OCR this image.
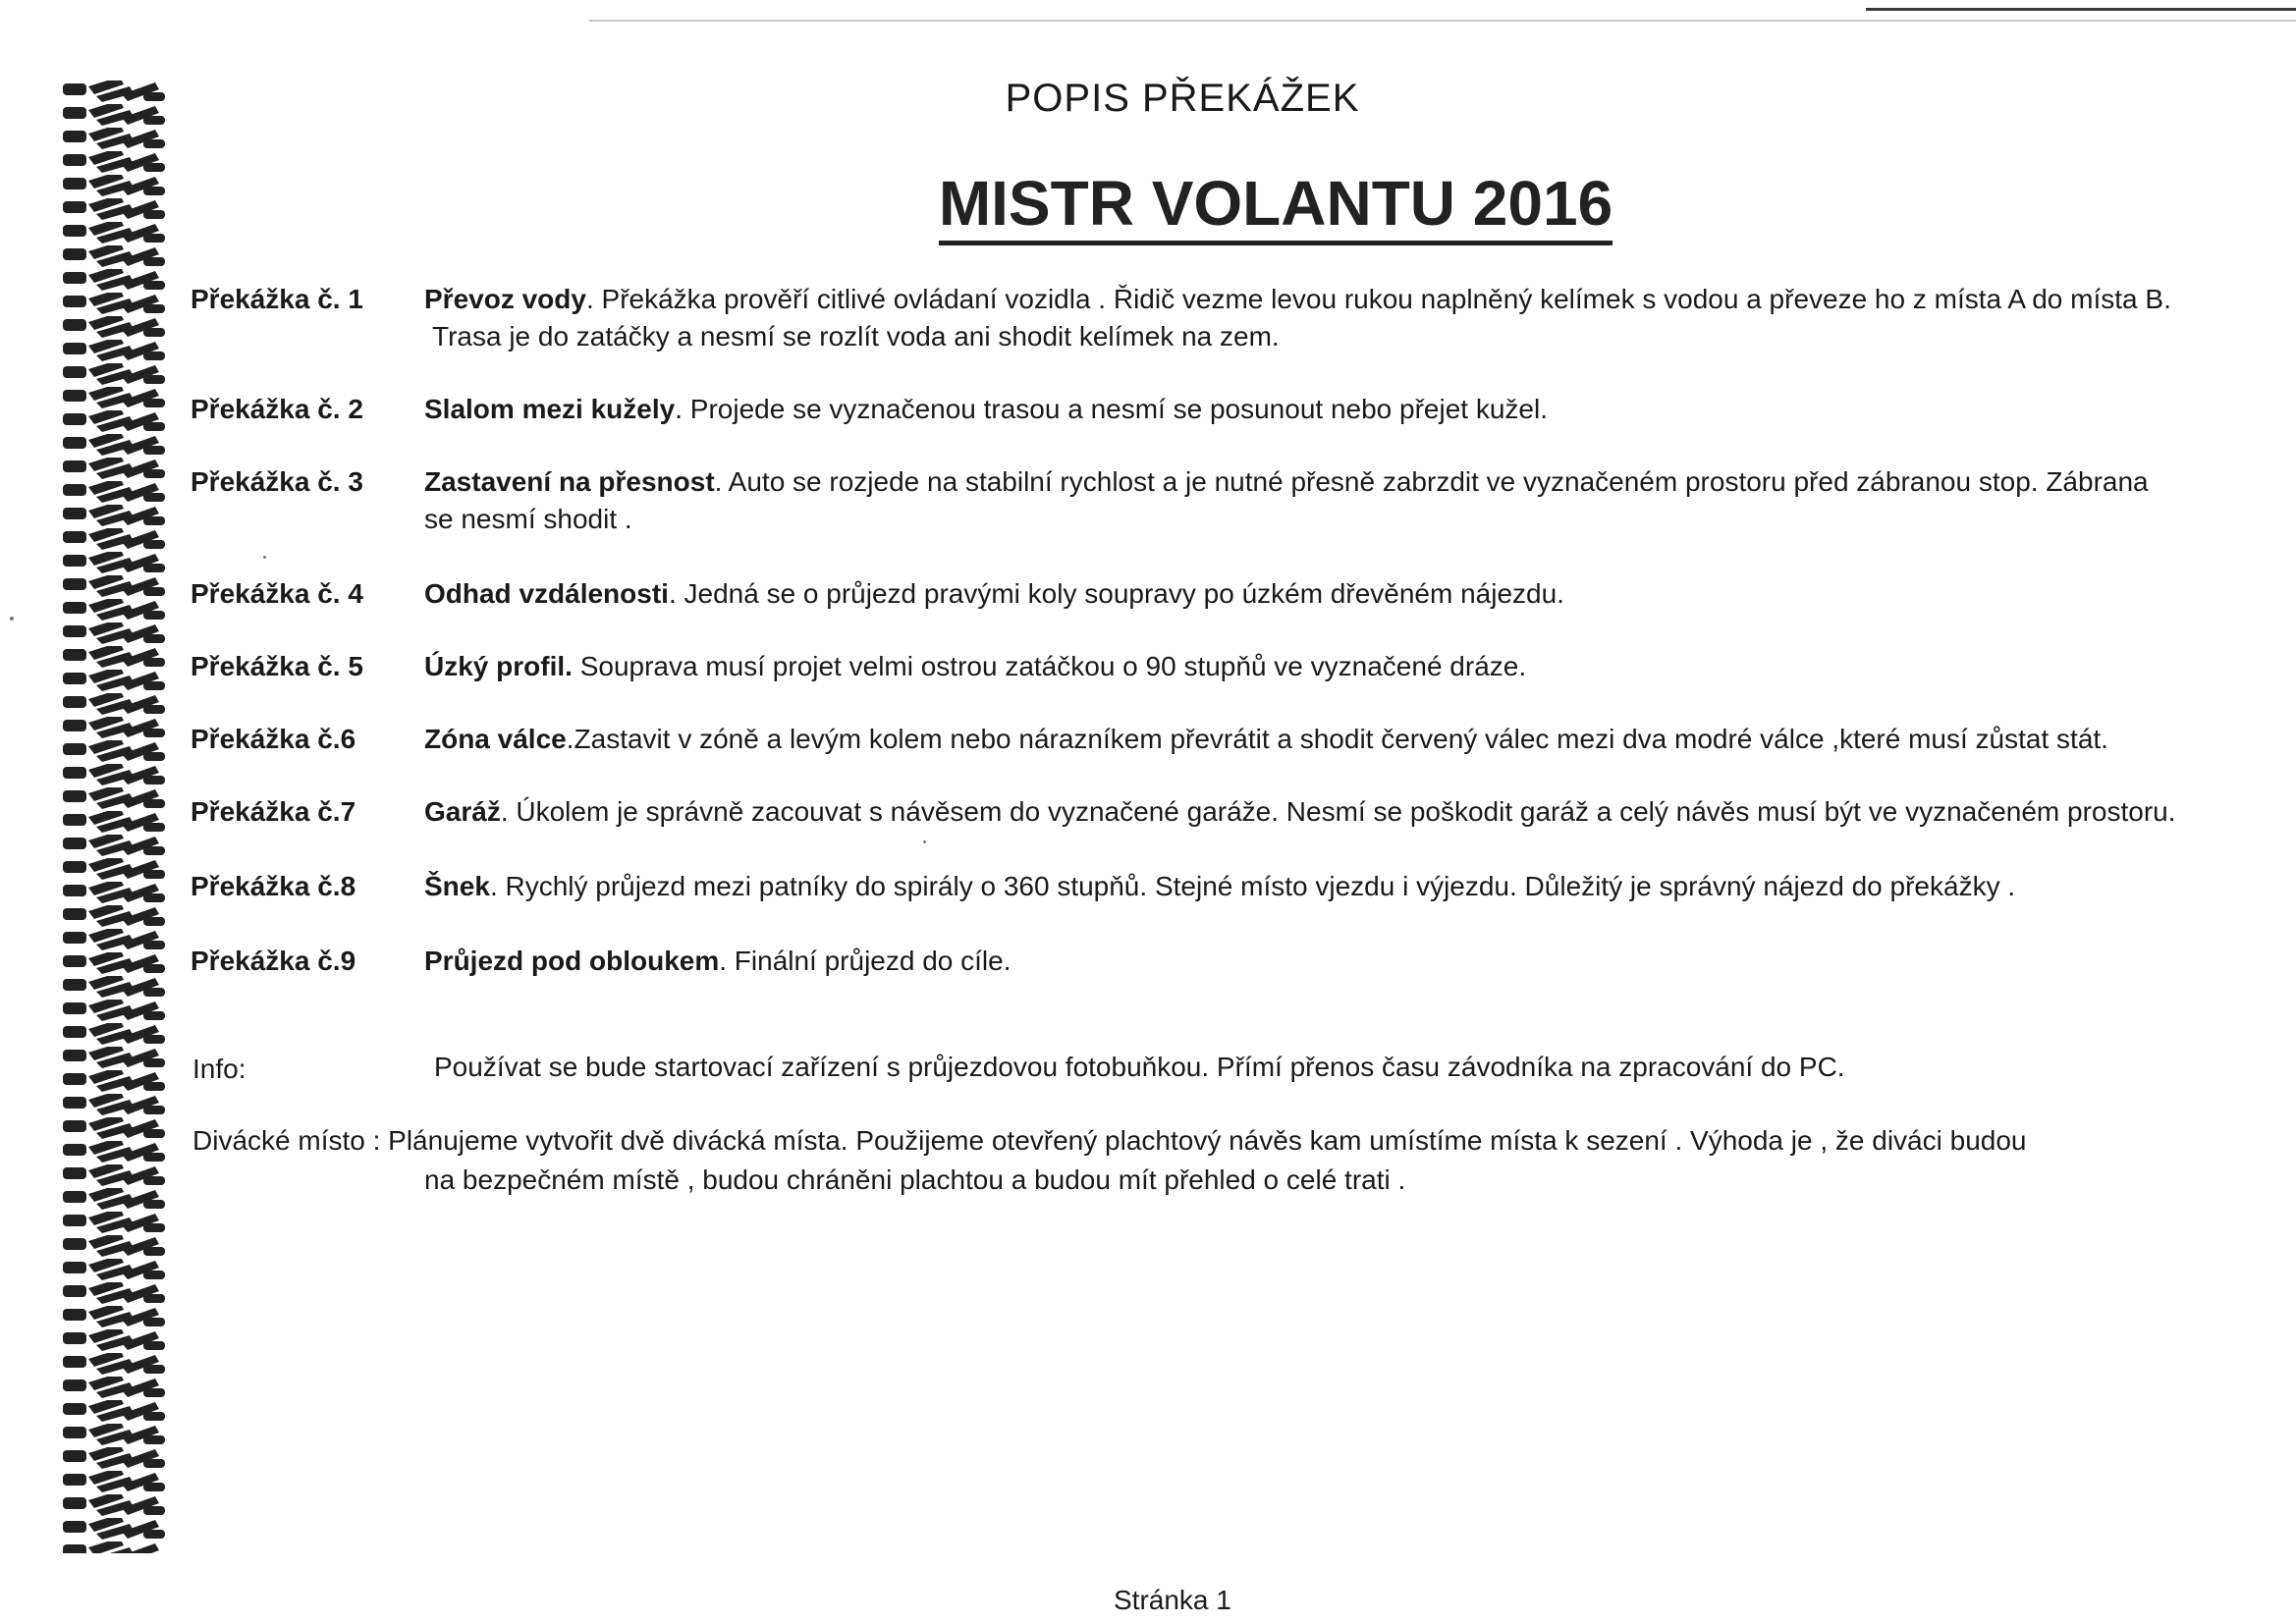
POPIS PŘEKÁŽEK
MISTR VOLANTU 2016
Překážka č. 1 Převoz vody. Překážka prověří citlivé ovládaní vozidla . Řidič vezme levou rukou naplněný kelímek s vodou a převeze ho z místa A do místa B.
Trasa je do zatáčky a nesmí se rozlít voda ani shodit kelímek na zem.
Překážka č. 2 Slalom mezi kužely. Projede se vyznačenou trasou a nesmí se posunout nebo přejet kužel.
Překážka č. 3 Zastavení na přesnost. Auto se rozjede na stabilní rychlost a je nutné přesně zabrzdit ve vyznačeném prostoru před zábranou stop. Zábrana
se nesmí shodit .
Překážka č. 4 Odhad vzdálenosti. Jedná se o průjezd pravými koly soupravy po úzkém dřevěném nájezdu.
Překážka č. 5 Úzký profil. Souprava musí projet velmi ostrou zatáčkou o 90 stupňů ve vyznačené dráze.
Překážka č.6 Zóna válce.Zastavit v zóně a levým kolem nebo nárazníkem převrátit a shodit červený válec mezi dva modré válce ,které musí zůstat stát.
Překážka č.7 Garáž. Úkolem je správně zacouvat s návěsem do vyznačené garáže. Nesmí se poškodit garáž a celý návěs musí být ve vyznačeném prostoru.
Překážka č.8 Šnek. Rychlý průjezd mezi patníky do spirály o 360 stupňů. Stejné místo vjezdu i výjezdu. Důležitý je správný nájezd do překážky .
Překážka č.9 Průjezd pod obloukem. Finální průjezd do cíle.
Info:	Používat se bude startovací zařízení s průjezdovou fotobuňkou. Přímí přenos času závodníka na zpracování do PC.
Divácké místo : Plánujeme vytvořit dvě divácká místa. Použijeme otevřený plachtový návěs kam umístíme místa k sezení . Výhoda je , že diváci budou
na bezpečném místě , budou chráněni plachtou a budou mít přehled o celé trati .
Stránka 1
